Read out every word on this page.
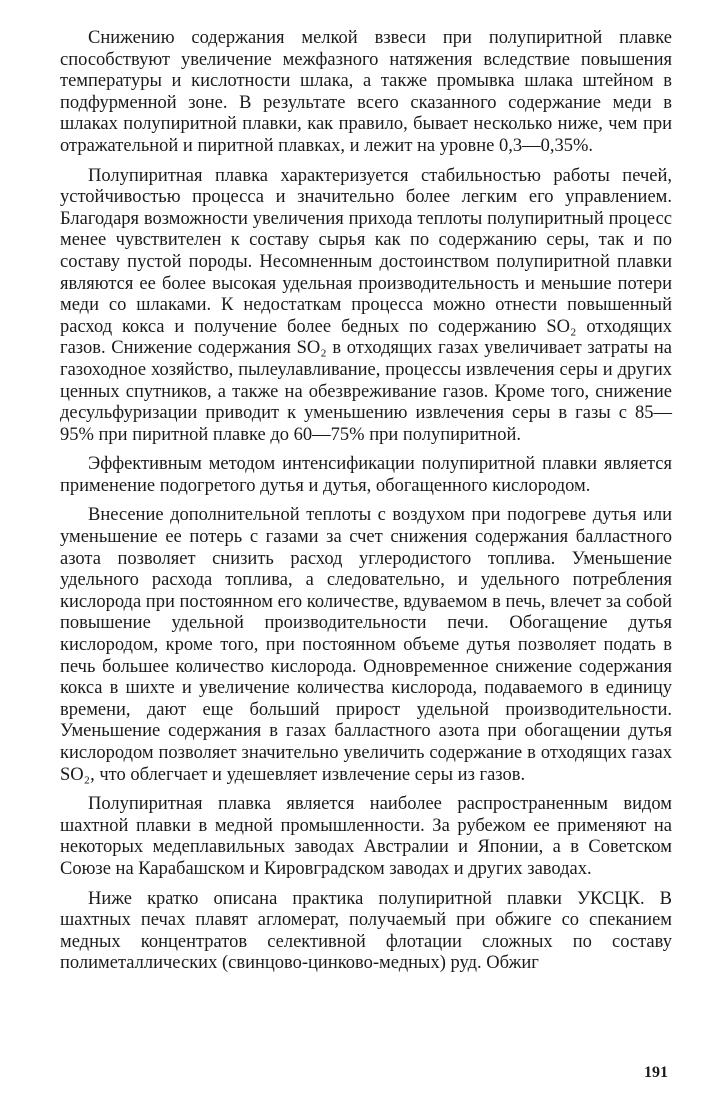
Снижению содержания мелкой взвеси при полупиритной плавке способствуют увеличение межфазного натяжения вследствие повышения температуры и кислотности шлака, а также промывка шлака штейном в подфурменной зоне. В результате всего сказанного содержание меди в шлаках полупиритной плавки, как правило, бывает несколько ниже, чем при отражательной и пиритной плавках, и лежит на уровне 0,3—0,35%.

Полупиритная плавка характеризуется стабильностью работы печей, устойчивостью процесса и значительно более легким его управлением. Благодаря возможности увеличения прихода теплоты полупиритный процесс менее чувствителен к составу сырья как по содержанию серы, так и по составу пустой породы. Несомненным достоинством полупиритной плавки являются ее более высокая удельная производительность и меньшие потери меди со шлаками. К недостаткам процесса можно отнести повышенный расход кокса и получение более бедных по содержанию SO₂ отходящих газов. Снижение содержания SO₂ в отходящих газах увеличивает затраты на газоходное хозяйство, пылеулавливание, процессы извлечения серы и других ценных спутников, а также на обезвреживание газов. Кроме того, снижение десульфуризации приводит к уменьшению извлечения серы в газы с 85—95% при пиритной плавке до 60—75% при полупиритной.

Эффективным методом интенсификации полупиритной плавки является применение подогретого дутья и дутья, обогащенного кислородом.

Внесение дополнительной теплоты с воздухом при подогреве дутья или уменьшение ее потерь с газами за счет снижения содержания балластного азота позволяет снизить расход углеродистого топлива. Уменьшение удельного расхода топлива, а следовательно, и удельного потребления кислорода при постоянном его количестве, вдуваемом в печь, влечет за собой повышение удельной производительности печи. Обогащение дутья кислородом, кроме того, при постоянном объеме дутья позволяет подать в печь большее количество кислорода. Одновременное снижение содержания кокса в шихте и увеличение количества кислорода, подаваемого в единицу времени, дают еще больший прирост удельной производительности. Уменьшение содержания в газах балластного азота при обогащении дутья кислородом позволяет значительно увеличить содержание в отходящих газах SO₂, что облегчает и удешевляет извлечение серы из газов.

Полупиритная плавка является наиболее распространенным видом шахтной плавки в медной промышленности. За рубежом ее применяют на некоторых медеплавильных заводах Австралии и Японии, а в Советском Союзе на Карабашском и Кировградском заводах и других заводах.

Ниже кратко описана практика полупиритной плавки УКСЦК. В шахтных печах плавят агломерат, получаемый при обжиге со спеканием медных концентратов селективной флотации сложных по составу полиметаллических (свинцово-цинково-медных) руд. Обжиг

191
